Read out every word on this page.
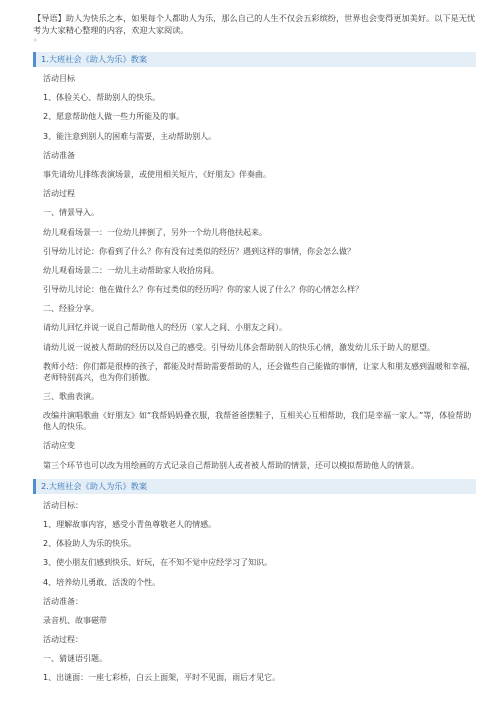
【导语】助人为快乐之本，如果每个人都助人为乐，那么自己的人生不仅会五彩缤纷，世界也会变得更加美好。以下是无忧考为大家精心整理的内容，欢迎大家阅读。

◦
1.大班社会《助人为乐》教案

活动目标

1、体验关心、帮助别人的快乐。

2、愿意帮助他人做一些力所能及的事。

3、能注意到别人的困难与需要，主动帮助别人。

活动准备

事先请幼儿排练表演场景，或使用相关短片，《好朋友》伴奏曲。

活动过程

一、情景导入。

幼儿观看场景一：一位幼儿摔倒了，另外一个幼儿将他扶起来。

引导幼儿讨论：你看到了什么？你有没有过类似的经历？遇到这样的事情，你会怎么做？

幼儿观看场景二：一幼儿主动帮助家人收拾房间。

引导幼儿讨论：他在做什么？你有过类似的经历吗？你的家人说了什么？你的心情怎么样？

二、经验分享。

请幼儿回忆并说一说自己帮助他人的经历（家人之间、小朋友之间）。

请幼儿说一说被人帮助的经历以及自己的感受。引导幼儿体会帮助别人的快乐心情，激发幼儿乐于助人的愿望。

教师小结：你们都是很棒的孩子，都能及时帮助需要帮助的人，还会做些自己能做的事情，让家人和朋友感到温暖和幸福，老师特别高兴，也为你们骄傲。

三、歌曲表演。

改编并演唱歌曲《好朋友》如“我帮妈妈叠衣服，我帮爸爸摆鞋子，互相关心互相帮助，我们是幸福一家人。”等，体验帮助他人的快乐。

活动应变

第三个环节也可以改为用绘画的方式记录自己帮助别人或者被人帮助的情景，还可以模拟帮助他人的情景。

2.大班社会《助人为乐》教案

活动目标：

1、理解故事内容，感受小青鱼尊敬老人的情感。

2、体验助人为乐的快乐。

3、使小朋友们感到快乐、好玩，在不知不觉中应经学习了知识。

4、培养幼儿勇敢、活泼的个性。

活动准备：

录音机、故事磁带

活动过程：

一、猜谜语引题。

1、出谜面：一座七彩桥，白云上面架，平时不见面，雨后才见它。
